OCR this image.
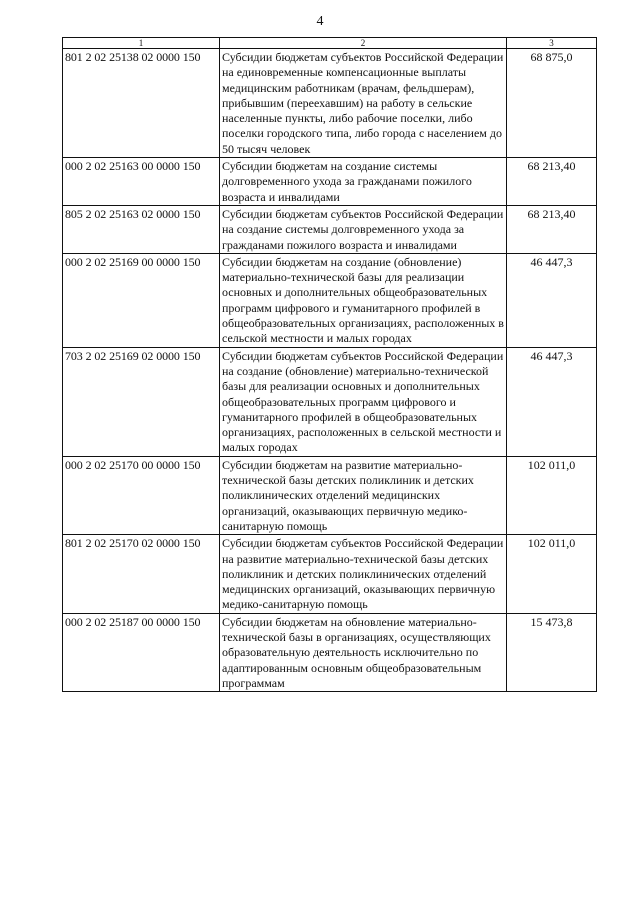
4
1	2	3
801 2 02 25138 02 0000 150	Субсидии бюджетам субъектов Российской Федерации на единовременные компенсационные выплаты медицинским работникам (врачам, фельдшерам), прибывшим (переехавшим) на работу в сельские населенные пункты, либо рабочие поселки, либо поселки городского типа, либо города с населением до 50 тысяч человек	68 875,0
000 2 02 25163 00 0000 150	Субсидии бюджетам на создание системы долговременного ухода за гражданами пожилого возраста и инвалидами	68 213,40
805 2 02 25163 02 0000 150	Субсидии бюджетам субъектов Российской Федерации на создание системы долговременного ухода за гражданами пожилого возраста и инвалидами	68 213,40
000 2 02 25169 00 0000 150	Субсидии бюджетам на создание (обновление) материально-технической базы для реализации основных и дополнительных общеобразовательных программ цифрового и гуманитарного профилей в общеобразовательных организациях, расположенных в сельской местности и малых городах	46 447,3
703 2 02 25169 02 0000 150	Субсидии бюджетам субъектов Российской Федерации на создание (обновление) материально-технической базы для реализации основных и дополнительных общеобразовательных программ цифрового и гуманитарного профилей в общеобразовательных организациях, расположенных в сельской местности и малых городах	46 447,3
000 2 02 25170 00 0000 150	Субсидии бюджетам на развитие материально-технической базы детских поликлиник и детских поликлинических отделений медицинских организаций, оказывающих первичную медико-санитарную помощь	102 011,0
801 2 02 25170 02 0000 150	Субсидии бюджетам субъектов Российской Федерации на развитие материально-технической базы детских поликлиник и детских поликлинических отделений медицинских организаций, оказывающих первичную медико-санитарную помощь	102 011,0
000 2 02 25187 00 0000 150	Субсидии бюджетам на обновление материально-технической базы в организациях, осуществляющих образовательную деятельность исключительно по адаптированным основным общеобразовательным программам	15 473,8
